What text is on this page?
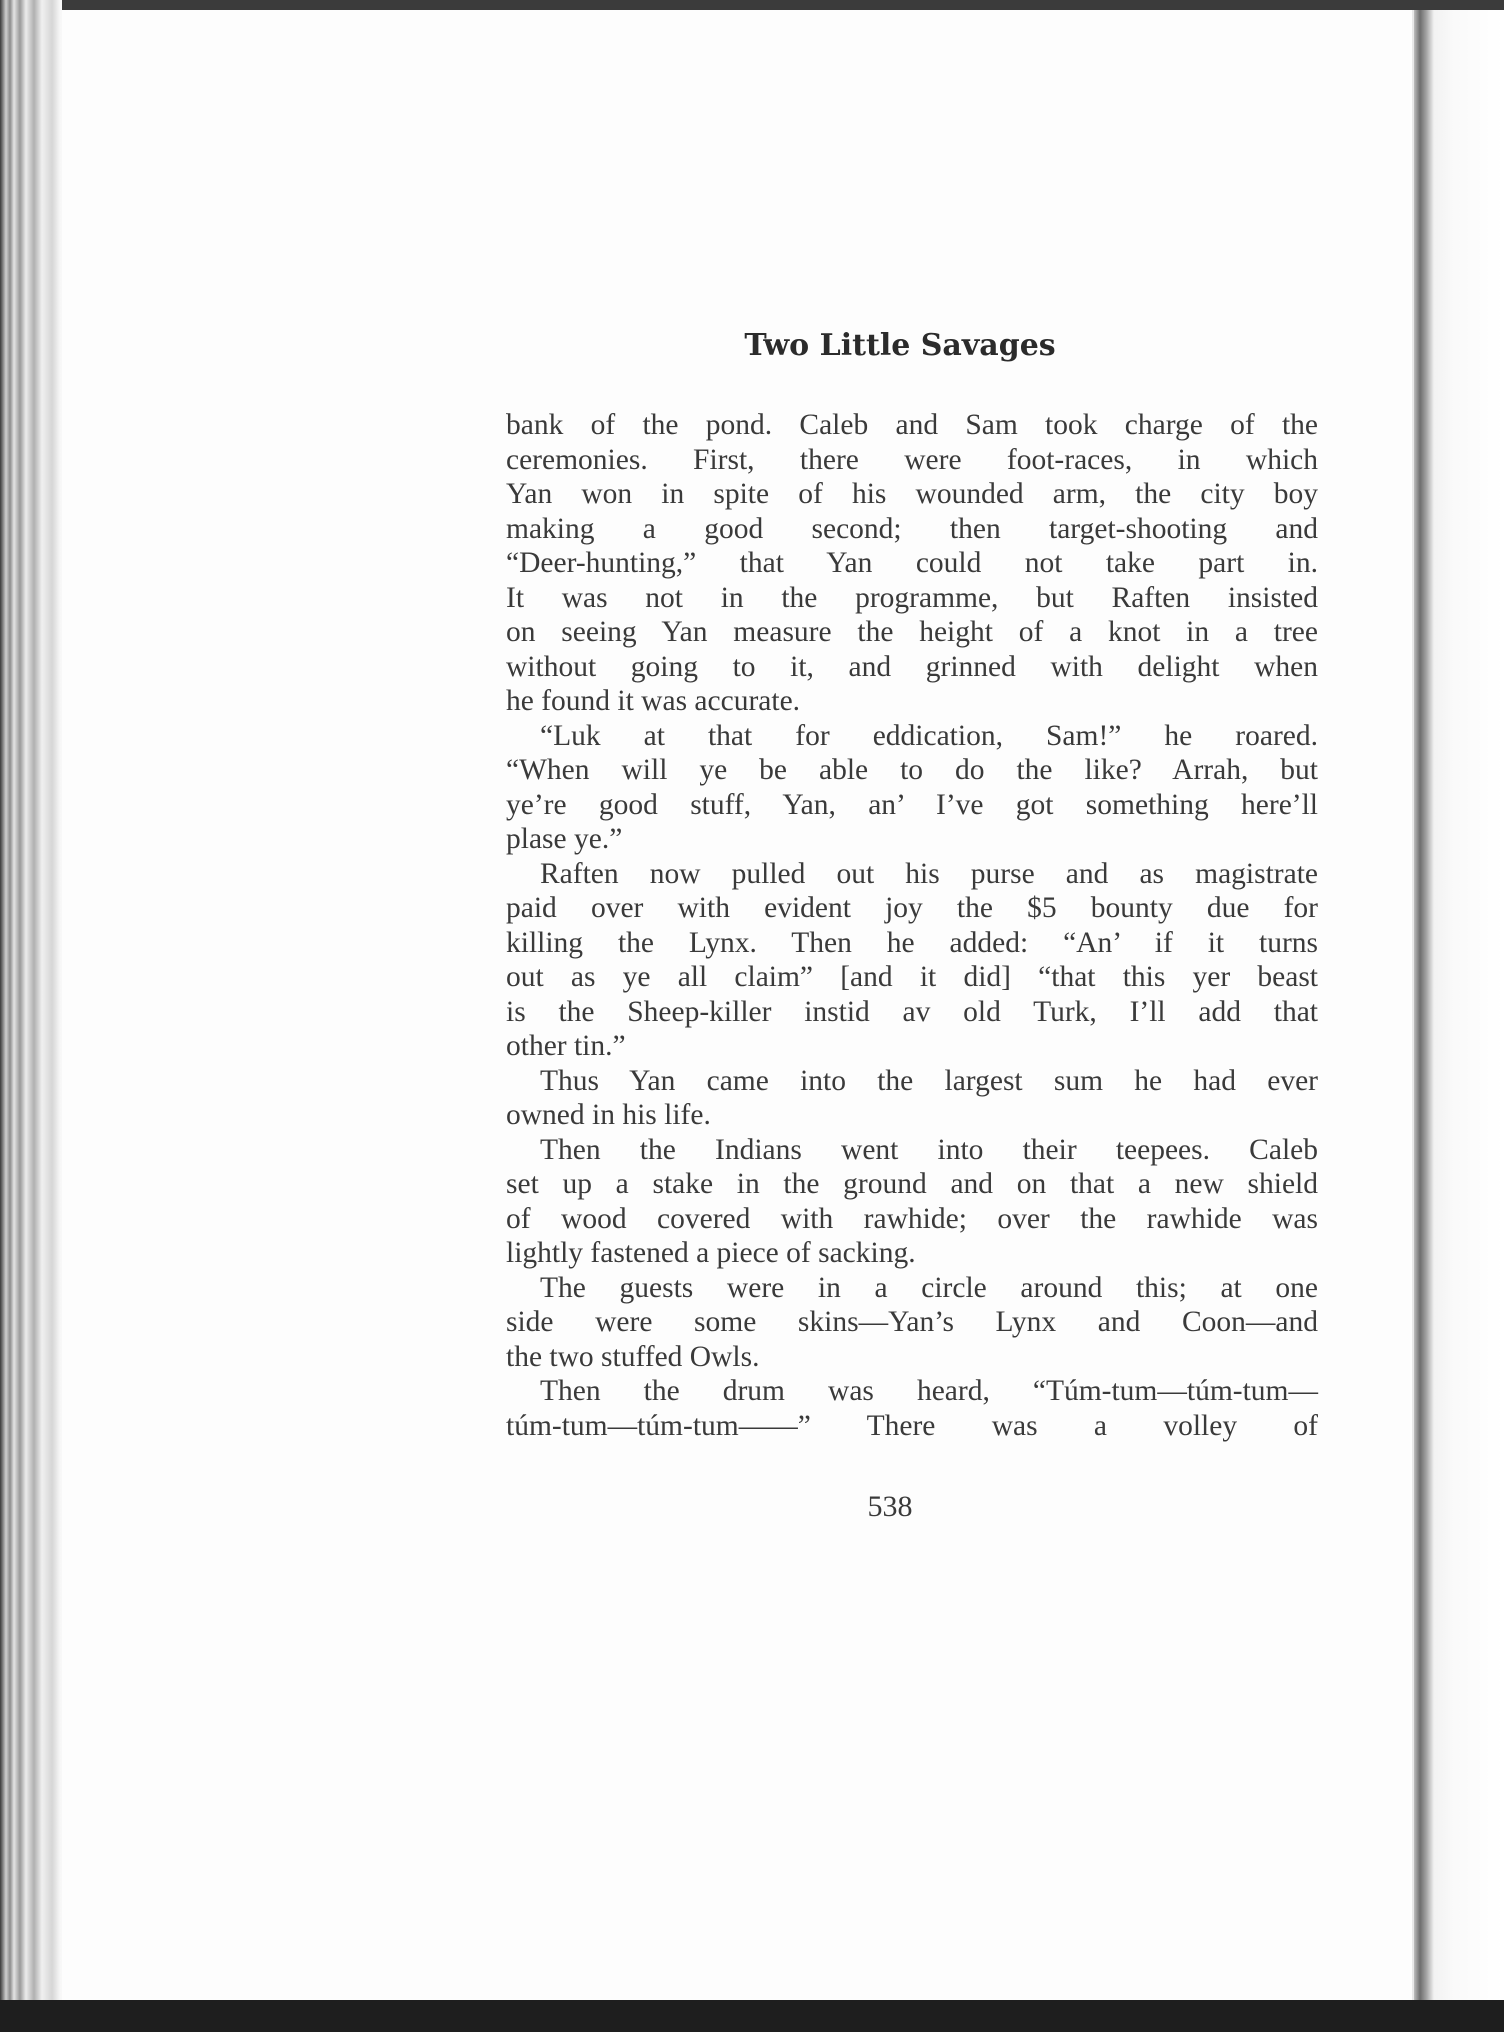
Two Little Savages
bank of the pond. Caleb and Sam took charge of the
ceremonies. First, there were foot-races, in which
Yan won in spite of his wounded arm, the city boy
making a good second; then target-shooting and
“Deer-hunting,” that Yan could not take part in.
It was not in the programme, but Raften insisted
on seeing Yan measure the height of a knot in a tree
without going to it, and grinned with delight when
he found it was accurate.
“Luk at that for eddication, Sam!” he roared.
“When will ye be able to do the like? Arrah, but
ye’re good stuff, Yan, an’ I’ve got something here’ll
plase ye.”
Raften now pulled out his purse and as magistrate
paid over with evident joy the $5 bounty due for
killing the Lynx. Then he added: “An’ if it turns
out as ye all claim” [and it did] “that this yer beast
is the Sheep-killer instid av old Turk, I’ll add that
other tin.”
Thus Yan came into the largest sum he had ever
owned in his life.
Then the Indians went into their teepees. Caleb
set up a stake in the ground and on that a new shield
of wood covered with rawhide; over the rawhide was
lightly fastened a piece of sacking.
The guests were in a circle around this; at one
side were some skins—Yan’s Lynx and Coon—and
the two stuffed Owls.
Then the drum was heard, “Túm-tum—túm-tum—
túm-tum—túm-tum——” There was a volley of
538
